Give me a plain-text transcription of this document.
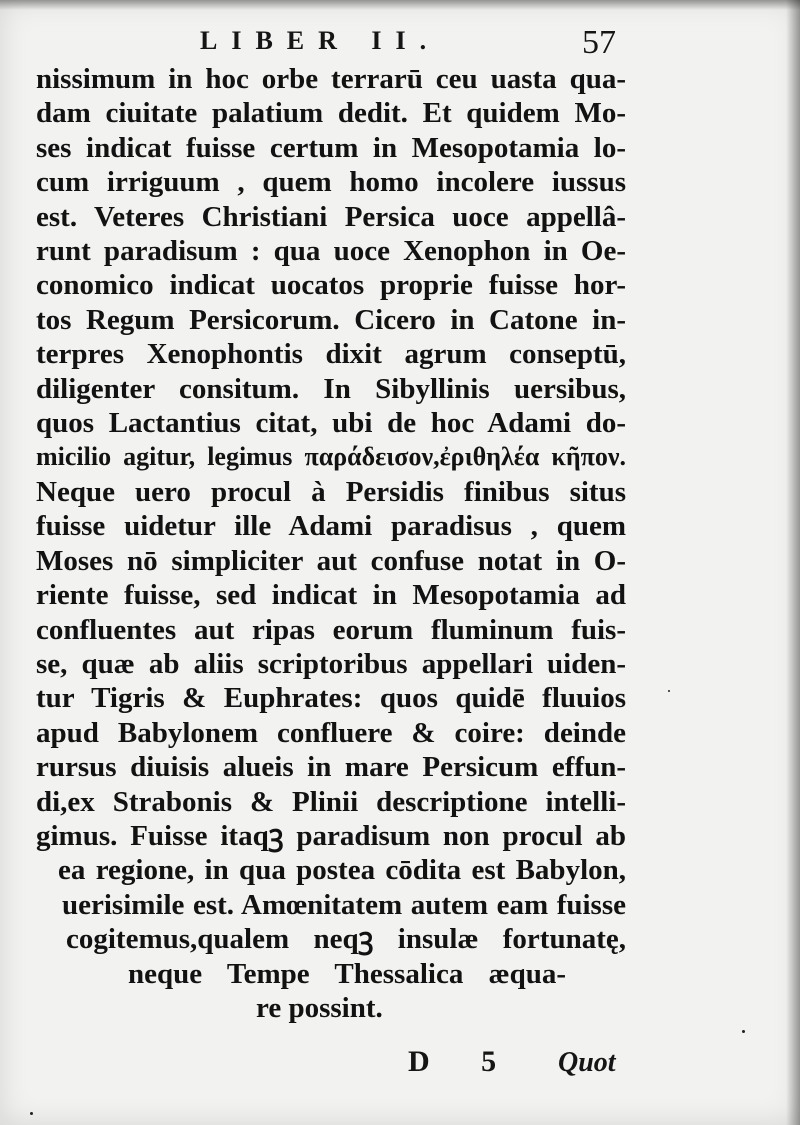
LIBER II.	57
nissimum in hoc orbe terrarū ceu uasta qua-
dam ciuitate palatium dedit. Et quidem Mo-
ses indicat fuisse certum in Mesopotamia lo-
cum irriguum , quem homo incolere iussus
est. Veteres Christiani Persica uoce appellâ-
runt paradisum : qua uoce Xenophon in Oe-
conomico indicat uocatos proprie fuisse hor-
tos Regum Persicorum. Cicero in Catone in-
terpres Xenophontis dixit agrum conseptū,
diligenter consitum. In Sibyllinis uersibus,
quos Lactantius citat, ubi de hoc Adami do-
micilio agitur, legimus παράδεισον,ἐριθηλέα κῆπον.
Neque uero procul à Persidis finibus situs
fuisse uidetur ille Adami paradisus , quem
Moses nō simpliciter aut confuse notat in O-
riente fuisse, sed indicat in Mesopotamia ad
confluentes aut ripas eorum fluminum fuis-
se, quæ ab aliis scriptoribus appellari uiden-
tur Tigris & Euphrates: quos quidē fluuios
apud Babylonem confluere & coire: deinde
rursus diuisis alueis in mare Persicum effun-
di,ex Strabonis & Plinii descriptione intelli-
gimus. Fuisse itaqꝫ paradisum non procul ab
ea regione, in qua postea cōdita est Babylon,
uerisimile est. Amœnitatem autem eam fuisse
cogitemus,qualem neqꝫ insulæ fortunatę,
neque Tempe Thessalica æqua-
re possint.
D 5 Quot
